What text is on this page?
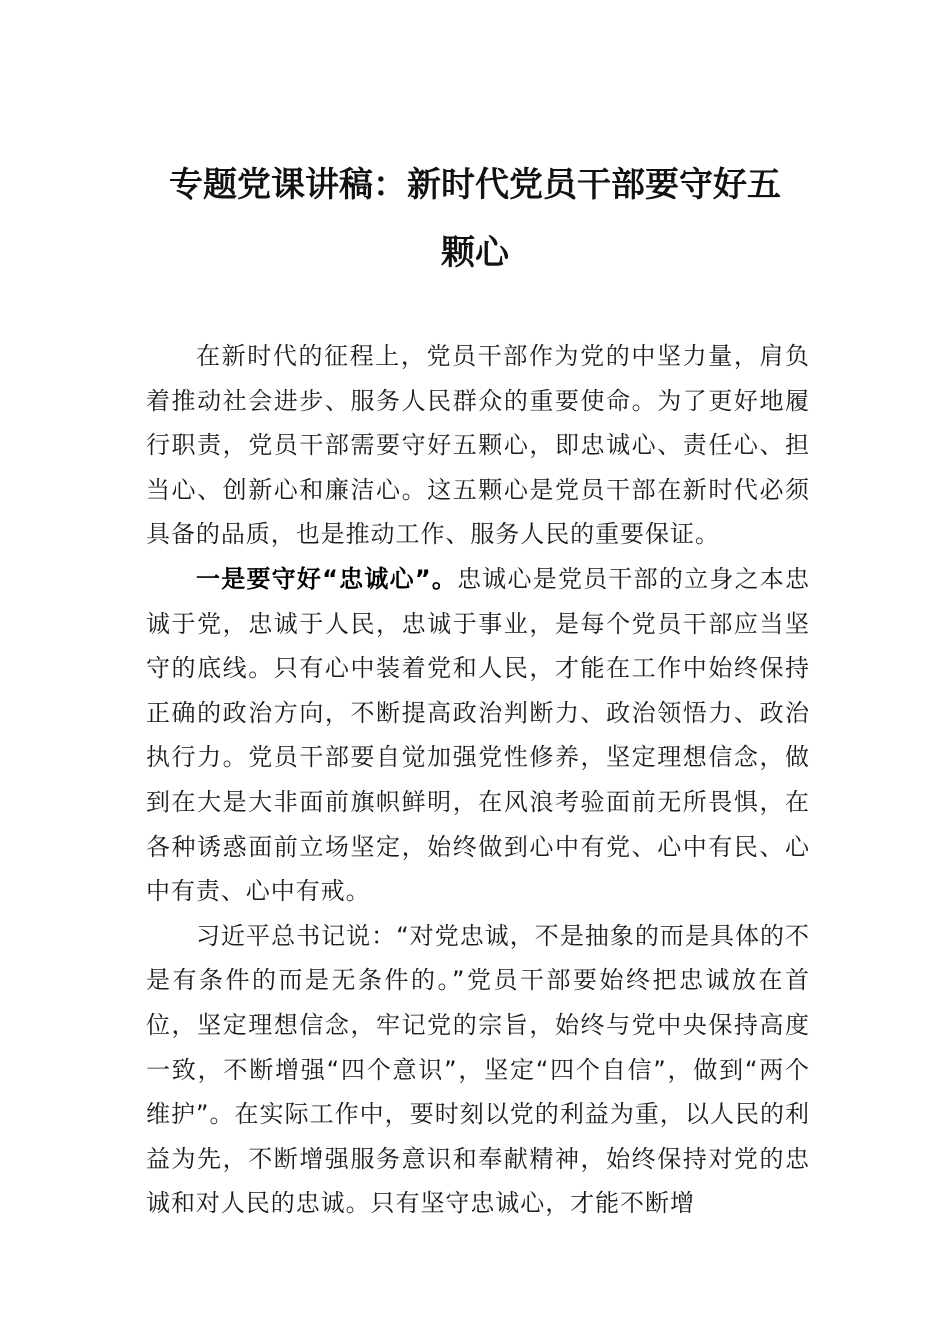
专题党课讲稿：新时代党员干部要守好五
颗心

在新时代的征程上，党员干部作为党的中坚力量，肩负着推动社会进步、服务人民群众的重要使命。为了更好地履行职责，党员干部需要守好五颗心，即忠诚心、责任心、担当心、创新心和廉洁心。这五颗心是党员干部在新时代必须具备的品质，也是推动工作、服务人民的重要保证。

一是要守好“忠诚心”。忠诚心是党员干部的立身之本忠诚于党，忠诚于人民，忠诚于事业，是每个党员干部应当坚守的底线。只有心中装着党和人民，才能在工作中始终保持正确的政治方向，不断提高政治判断力、政治领悟力、政治执行力。党员干部要自觉加强党性修养，坚定理想信念，做到在大是大非面前旗帜鲜明，在风浪考验面前无所畏惧，在各种诱惑面前立场坚定，始终做到心中有党、心中有民、心中有责、心中有戒。

习近平总书记说：“对党忠诚，不是抽象的而是具体的不是有条件的而是无条件的。”党员干部要始终把忠诚放在首位，坚定理想信念，牢记党的宗旨，始终与党中央保持高度一致，不断增强“四个意识”，坚定“四个自信”，做到“两个维护”。在实际工作中，要时刻以党的利益为重，以人民的利益为先，不断增强服务意识和奉献精神，始终保持对党的忠诚和对人民的忠诚。只有坚守忠诚心，才能不断增
